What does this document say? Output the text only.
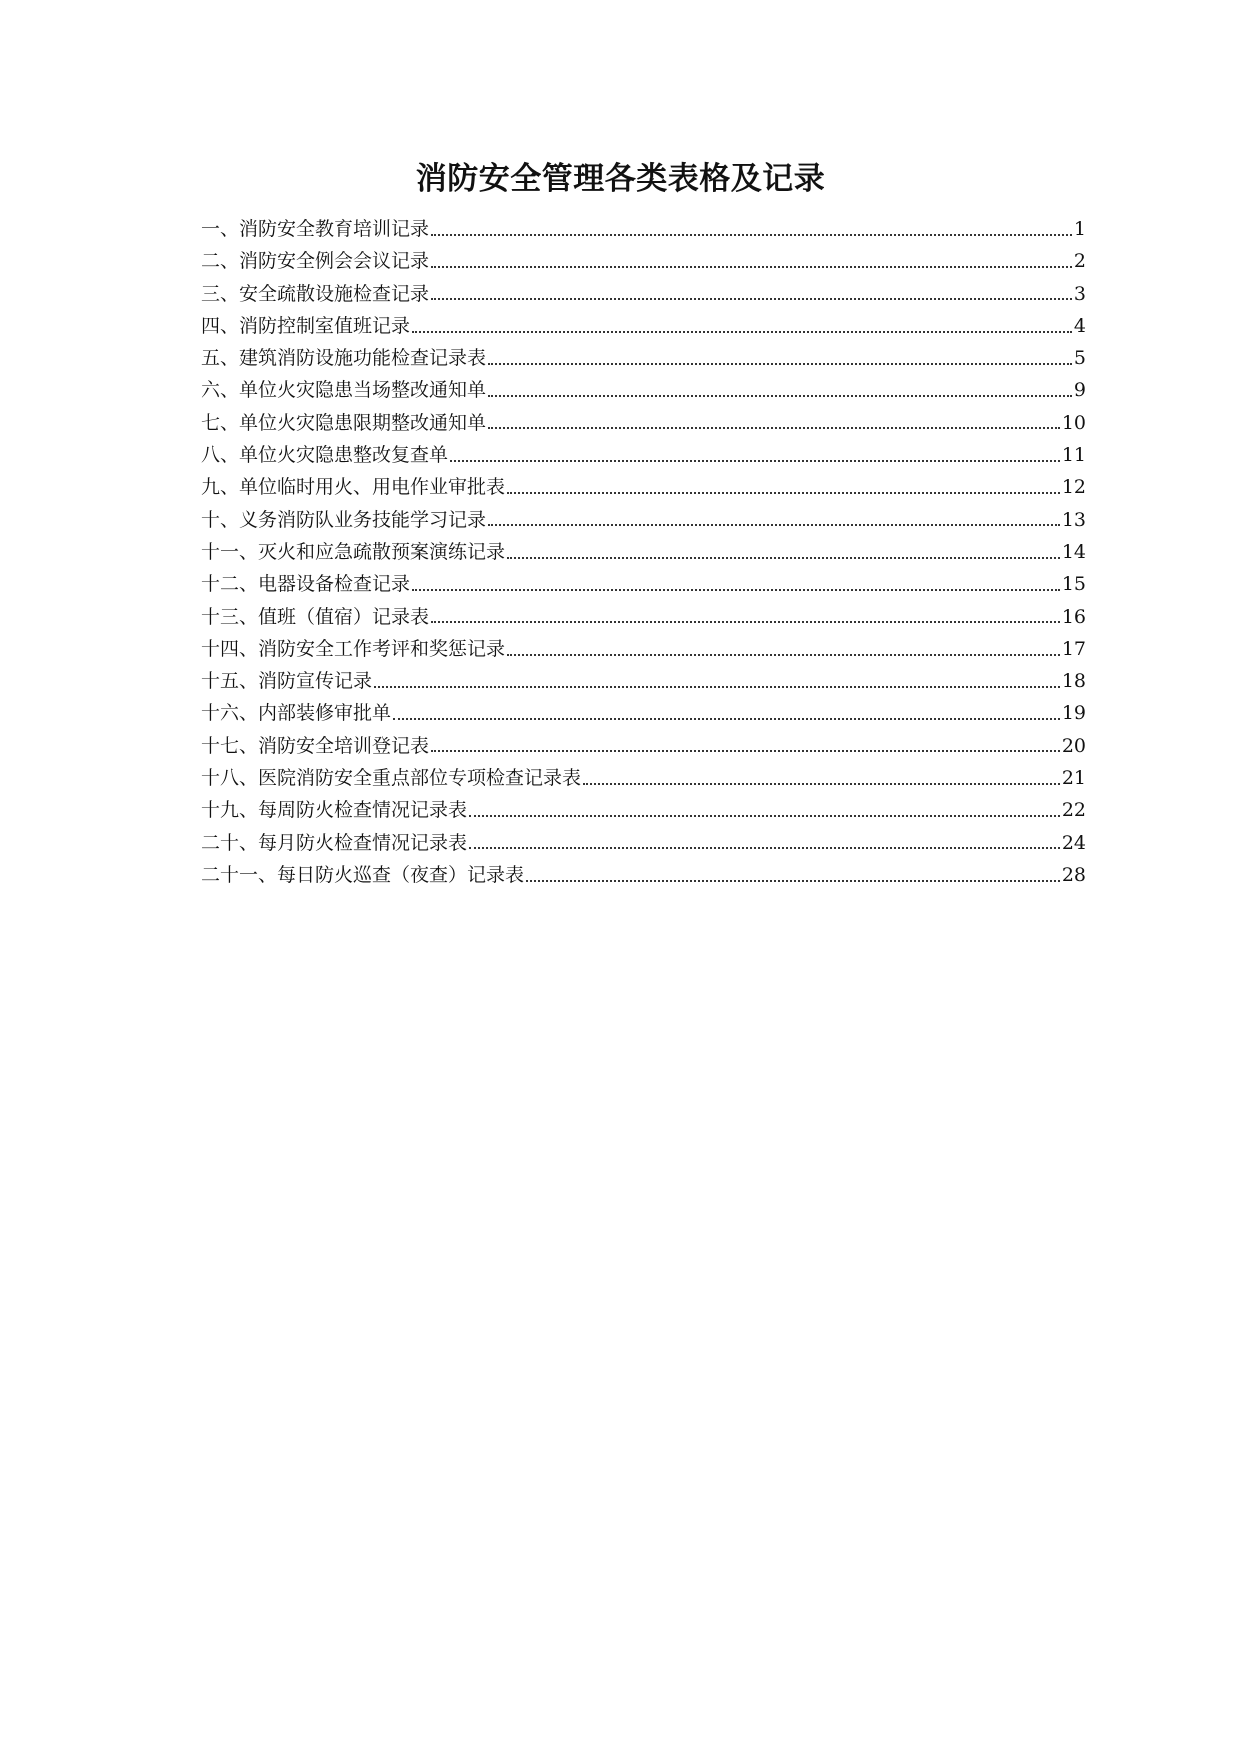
消防安全管理各类表格及记录
一、消防安全教育培训记录	1
二、消防安全例会会议记录	2
三、安全疏散设施检查记录	3
四、消防控制室值班记录	4
五、建筑消防设施功能检查记录表	5
六、单位火灾隐患当场整改通知单	9
七、单位火灾隐患限期整改通知单	10
八、单位火灾隐患整改复查单	11
九、单位临时用火、用电作业审批表	12
十、义务消防队业务技能学习记录	13
十一、灭火和应急疏散预案演练记录	14
十二、电器设备检查记录	15
十三、值班（值宿）记录表	16
十四、消防安全工作考评和奖惩记录	17
十五、消防宣传记录	18
十六、内部装修审批单	19
十七、消防安全培训登记表	20
十八、医院消防安全重点部位专项检查记录表	21
十九、每周防火检查情况记录表	22
二十、每月防火检查情况记录表	24
二十一、每日防火巡查（夜查）记录表	28
